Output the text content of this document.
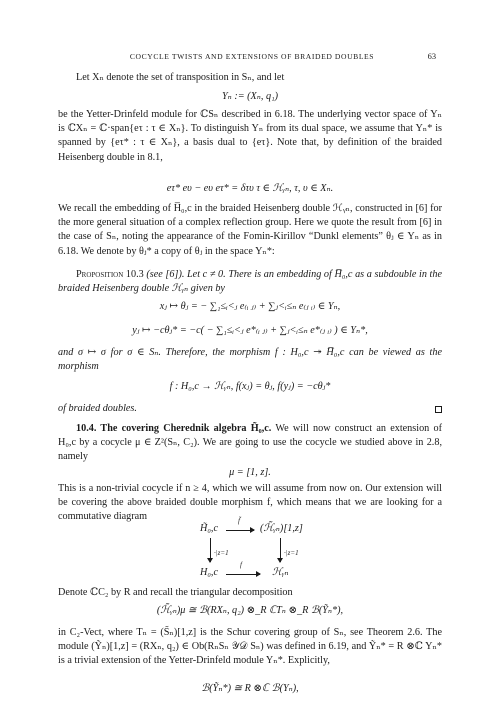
COCYCLE TWISTS AND EXTENSIONS OF BRAIDED DOUBLES	63
Let Xₙ denote the set of transposition in Sₙ, and let
Yₙ := (Xₙ, q₁)
be the Yetter-Drinfeld module for ℂSₙ described in 6.18. The underlying vector space of Yₙ is ℂXₙ = ℂ·span{eτ : τ ∈ Xₙ}. To distinguish Yₙ from its dual space, we assume that Yₙ* is spanned by {eτ* : τ ∈ Xₙ}, a basis dual to {eτ}. Note that, by definition of the braided Heisenberg double in 8.1,
eτ* eυ − eυ eτ* = δτυ τ ∈ ℋᵧₙ, τ, υ ∈ Xₙ.
We recall the embedding of H̅₀,c in the braided Heisenberg double ℋᵧₙ, constructed in [6] for the more general situation of a complex reflection group. Here we quote the result from [6] in the case of Sₙ, noting the appearance of the Fomin-Kirillov “Dunkl elements” θⱼ ∈ Yₙ as in 6.18. We denote by θⱼ* a copy of θⱼ in the space Yₙ*:
Proposition 10.3 (see [6]). Let c ≠ 0. There is an embedding of H̅₀,c as a subdouble in the braided Heisenberg double ℋᵧₙ given by
xⱼ ↦ θⱼ = − ∑₁≤ᵢ<ⱼ e₍ᵢ ⱼ₎ + ∑ⱼ<ᵢ≤ₙ e₍ⱼ ᵢ₎ ∈ Yₙ,
yⱼ ↦ −cθⱼ* = −c( − ∑₁≤ᵢ<ⱼ e*₍ᵢ ⱼ₎ + ∑ⱼ<ᵢ≤ₙ e*₍ⱼ ᵢ₎ ) ∈ Yₙ*,
and σ ↦ σ for σ ∈ Sₙ. Therefore, the morphism f : H₀,c ↠ H̅₀,c can be viewed as the morphism
f : H₀,c → ℋᵧₙ, f(xⱼ) = θⱼ, f(yⱼ) = −cθⱼ*
of braided doubles.
10.4. The covering Cherednik algebra H̃₀,c. We will now construct an extension of H₀,c by a cocycle μ ∈ Z²(Sₙ, C₂). We are going to use the cocycle we studied above in 2.8, namely
μ = [1, z].
This is a non-trivial cocycle if n ≥ 4, which we will assume from now on. Our extension will be covering the above braided double morphism f, which means that we are looking for a commutative diagram
H̃₀,c
f̃
(ℋ̃ᵧₙ)[1,z]
·|z=1	·|z=1
H₀,c
f
ℋᵧₙ
Denote ℂC₂ by R and recall the triangular decomposition
(ℋ̃ᵧₙ)μ ≅ ℬ(RXₙ, q₂) ⊗_R ℂTₙ ⊗_R ℬ(Ỹₙ*),
in C₂-Vect, where Tₙ = (S̃ₙ)[1,z] is the Schur covering group of Sₙ, see Theorem 2.6. The module (Ỹₙ)[1,z] = (RXₙ, q₂) ∈ Ob(RₙSₙ 𝒴𝒟 Sₙ) was defined in 6.19, and Ỹₙ* = R ⊗ℂ Yₙ* is a trivial extension of the Yetter-Drinfeld module Yₙ*. Explicitly,
ℬ(Ỹₙ*) ≅ R ⊗ℂ ℬ(Yₙ),
